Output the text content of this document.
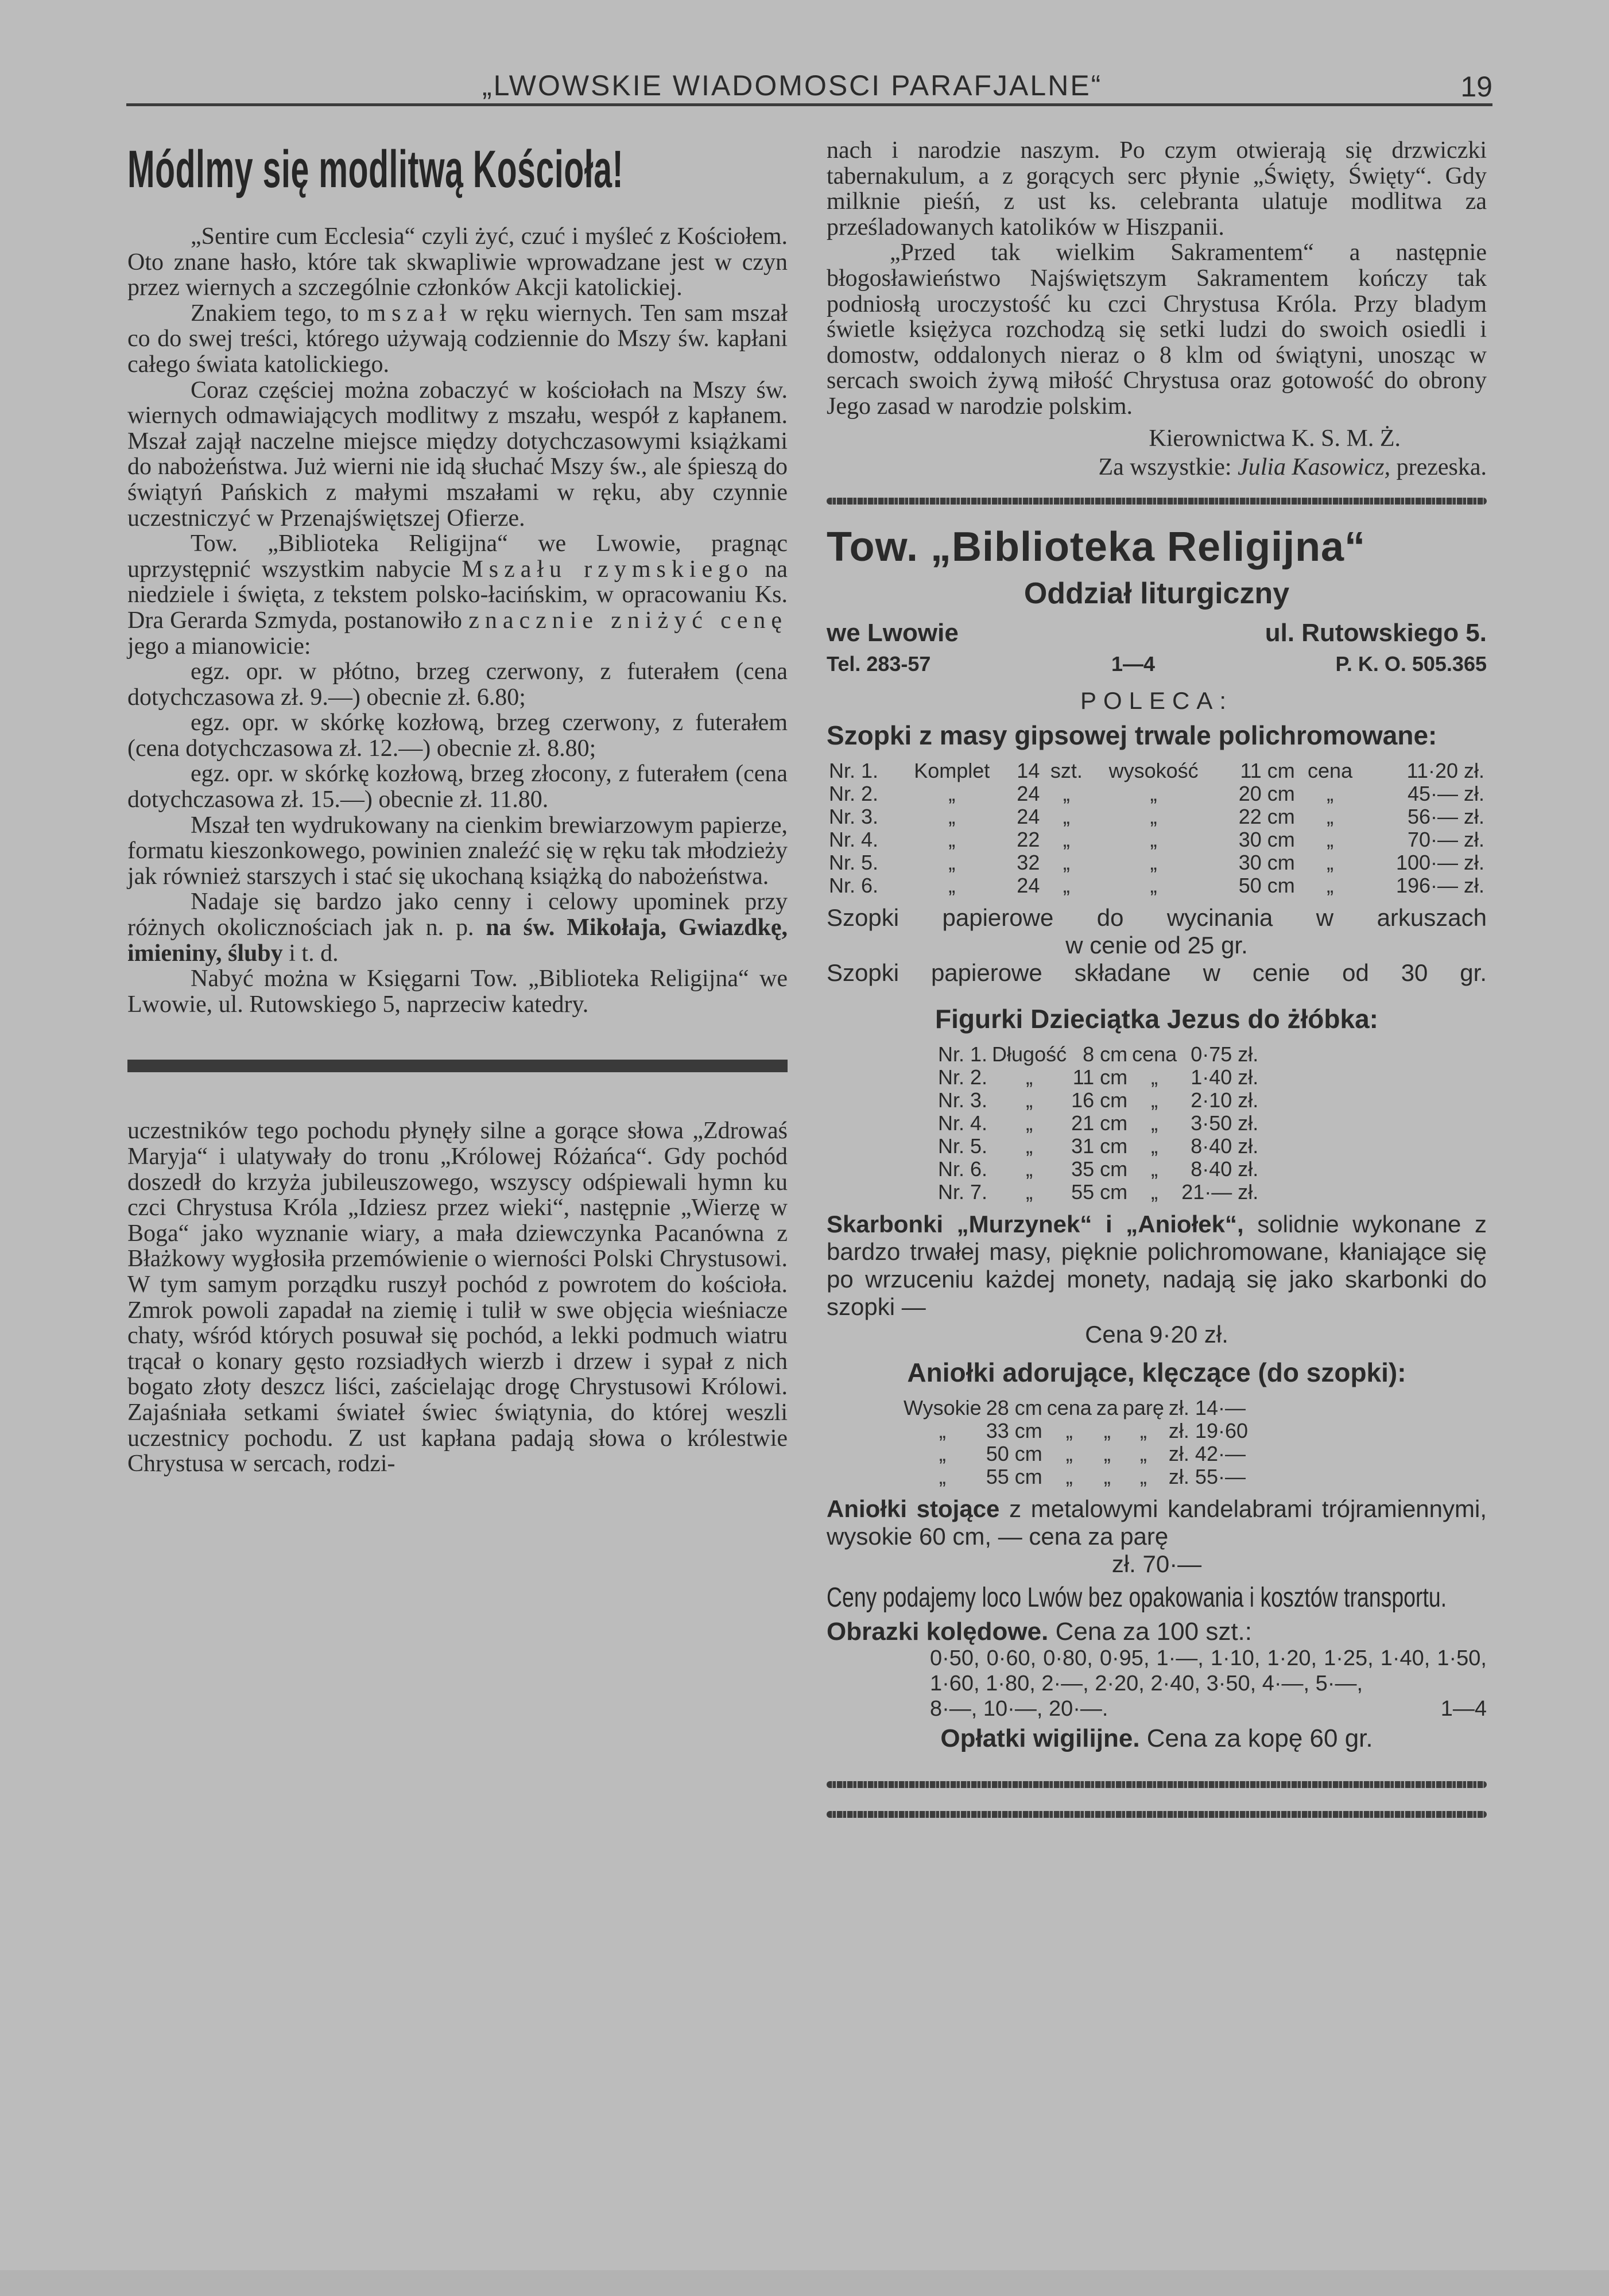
„LWOWSKIE WIADOMOSCI PARAFJALNE“	19
Módlmy się modlitwą Kościoła!

„Sentire cum Ecclesia“ czyli żyć, czuć i myśleć z Kościołem. Oto znane hasło, które tak skwapliwie wprowadzane jest w czyn przez wiernych a szczególnie członków Akcji katolickiej.

Znakiem tego, to mszał w ręku wiernych. Ten sam mszał co do swej treści, którego używają codziennie do Mszy św. kapłani całego świata katolickiego.

Coraz częściej można zobaczyć w kościołach na Mszy św. wiernych odmawiających modlitwy z mszału, wespół z kapłanem. Mszał zajął naczelne miejsce między dotychczasowymi książkami do nabożeństwa. Już wierni nie idą słuchać Mszy św., ale śpieszą do świątyń Pańskich z małymi mszałami w ręku, aby czynnie uczestniczyć w Przenajświętszej Ofierze.

Tow. „Biblioteka Religijna“ we Lwowie, pragnąc uprzystępnić wszystkim nabycie Mszału rzymskiego na niedziele i święta, z tekstem polsko-łacińskim, w opracowaniu Ks. Dra Gerarda Szmyda, postanowiło znacznie zniżyć cenę jego a mianowicie:

egz. opr. w płótno, brzeg czerwony, z futerałem (cena dotychczasowa zł. 9.—) obecnie zł. 6.80;

egz. opr. w skórkę kozłową, brzeg czerwony, z futerałem (cena dotychczasowa zł. 12.—) obecnie zł. 8.80;

egz. opr. w skórkę kozłową, brzeg złocony, z futerałem (cena dotychczasowa zł. 15.—) obecnie zł. 11.80.

Mszał ten wydrukowany na cienkim brewiarzowym papierze, formatu kieszonkowego, powinien znaleźć się w ręku tak młodzieży jak również starszych i stać się ukochaną książką do nabożeństwa.

Nadaje się bardzo jako cenny i celowy upominek przy różnych okolicznościach jak n. p. na św. Mikołaja, Gwiazdkę, imieniny, śluby i t. d.

Nabyć można w Księgarni Tow. „Biblioteka Religijna“ we Lwowie, ul. Rutowskiego 5, naprzeciw katedry.

uczestników tego pochodu płynęły silne a gorące słowa „Zdrowaś Maryja“ i ulatywały do tronu „Królowej Różańca“. Gdy pochód doszedł do krzyża jubileuszowego, wszyscy odśpiewali hymn ku czci Chrystusa Króla „Idziesz przez wieki“, następnie „Wierzę w Boga“ jako wyznanie wiary, a mała dziewczynka Pacanówna z Błażkowy wygłosiła przemówienie o wierności Polski Chrystusowi. W tym samym porządku ruszył pochód z powrotem do kościoła. Zmrok powoli zapadał na ziemię i tulił w swe objęcia wieśniacze chaty, wśród których posuwał się pochód, a lekki podmuch wiatru trącał o konary gęsto rozsiadłych wierzb i drzew i sypał z nich bogato złoty deszcz liści, zaścielając drogę Chrystusowi Królowi. Zajaśniała setkami świateł świec świątynia, do której weszli uczestnicy pochodu. Z ust kapłana padają słowa o królestwie Chrystusa w sercach, rodzi-

nach i narodzie naszym. Po czym otwierają się drzwiczki tabernakulum, a z gorących serc płynie „Święty, Święty“. Gdy milknie pieśń, z ust ks. celebranta ulatuje modlitwa za prześladowanych katolików w Hiszpanii.

„Przed tak wielkim Sakramentem“ a następnie błogosławieństwo Najświętszym Sakramentem kończy tak podniosłą uroczystość ku czci Chrystusa Króla. Przy bladym świetle księżyca rozchodzą się setki ludzi do swoich osiedli i domostw, oddalonych nieraz o 8 klm od świątyni, unosząc w sercach swoich żywą miłość Chrystusa oraz gotowość do obrony Jego zasad w narodzie polskim.

Kierownictwa K. S. M. Ż.
Za wszystkie: Julia Kasowicz, prezeska.
Tow. „Biblioteka Religijna“
Oddział liturgiczny
we Lwowie	ul. Rutowskiego 5.
Tel. 283-57	1—4	P. K. O. 505.365
POLECA:
Szopki z masy gipsowej trwale polichromowane:
Nr. 1.	Komplet	14	szt.	wysokość	11 cm	cena	11·20 zł.
Nr. 2.	„	24	„	„	20 cm	„	45·— zł.
Nr. 3.	„	24	„	„	22 cm	„	56·— zł.
Nr. 4.	„	22	„	„	30 cm	„	70·— zł.
Nr. 5.	„	32	„	„	30 cm	„	100·— zł.
Nr. 6.	„	24	„	„	50 cm	„	196·— zł.
Szopki papierowe do wycinania w arkuszach
w cenie od 25 gr.
Szopki papierowe składane w cenie od 30 gr.
Figurki Dzieciątka Jezus do żłóbka:
Nr. 1.	Długość	8 cm	cena	0·75 zł.
Nr. 2.	„	11 cm	„	1·40 zł.
Nr. 3.	„	16 cm	„	2·10 zł.
Nr. 4.	„	21 cm	„	3·50 zł.
Nr. 5.	„	31 cm	„	8·40 zł.
Nr. 6.	„	35 cm	„	8·40 zł.
Nr. 7.	„	55 cm	„	21·— zł.
Skarbonki „Murzynek“ i „Aniołek“, solidnie wykonane z bardzo trwałej masy, pięknie polichromowane, kłaniające się po wrzuceniu każdej monety, nadają się jako skarbonki do szopki —
Cena 9·20 zł.
Aniołki adorujące, klęczące (do szopki):
Wysokie	28 cm	cena	za	parę	zł. 14·—
„	33 cm	„	„	„	zł. 19·60
„	50 cm	„	„	„	zł. 42·—
„	55 cm	„	„	„	zł. 55·—
Aniołki stojące z metalowymi kandelabrami trójramiennymi, wysokie 60 cm, — cena za parę
zł. 70·—
Ceny podajemy loco Lwów bez opakowania i kosztów transportu.
Obrazki kolędowe. Cena za 100 szt.:
0·50, 0·60, 0·80, 0·95, 1·—, 1·10, 1·20, 1·25, 1·40, 1·50, 1·60, 1·80, 2·—, 2·20, 2·40, 3·50, 4·—, 5·—,
8·—, 10·—, 20·—.	1—4
Opłatki wigilijne. Cena za kopę 60 gr.
